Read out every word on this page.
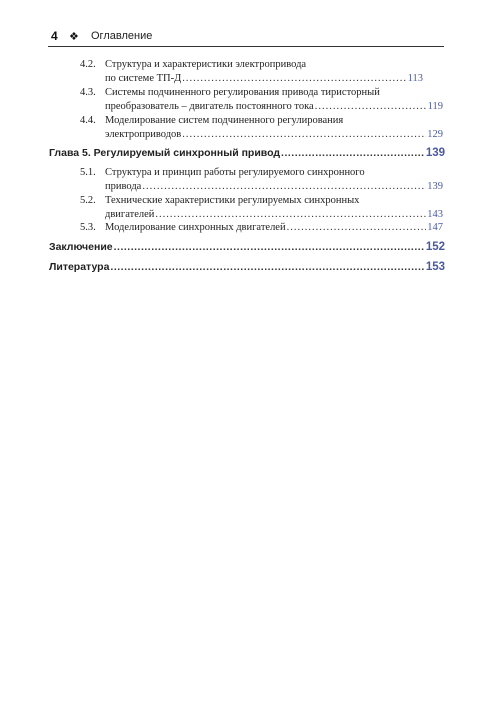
4	❖	Оглавление
4.2. Структура и характеристики электропривода
по системе ТП-Д .....	113
4.3. Системы подчиненного регулирования привода тиристорный
преобразователь – двигатель постоянного тока .....	119
4.4. Моделирование систем подчиненного регулирования
электроприводов .....	129
Глава 5. Регулируемый синхронный привод .....	139
5.1. Структура и принцип работы регулируемого синхронного
привода .....	139
5.2. Технические характеристики регулируемых синхронных
двигателей .....	143
5.3. Моделирование синхронных двигателей .....	147
Заключение .....	152
Литература .....	153
